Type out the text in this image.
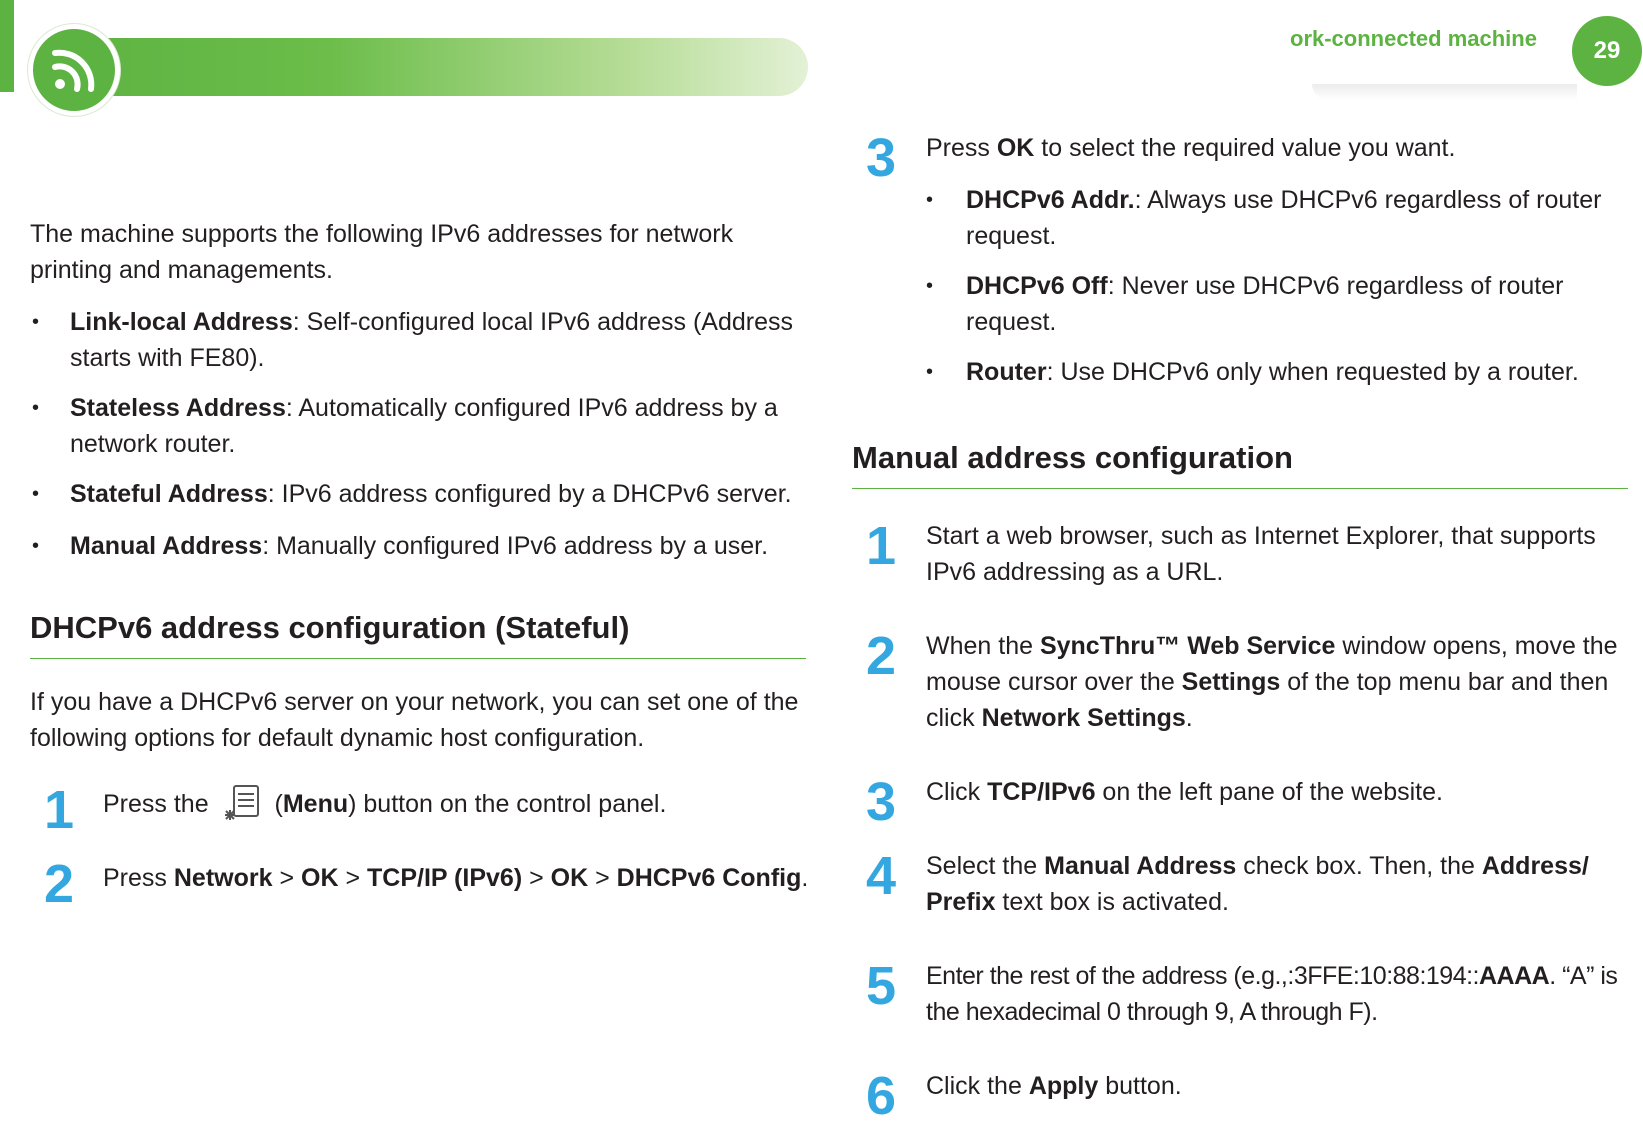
ork-connected machine	29
The machine supports the following IPv6 addresses for network printing and managements.
• Link-local Address: Self-configured local IPv6 address (Address starts with FE80).
• Stateless Address: Automatically configured IPv6 address by a network router.
• Stateful Address: IPv6 address configured by a DHCPv6 server.
• Manual Address: Manually configured IPv6 address by a user.
DHCPv6 address configuration (Stateful)
If you have a DHCPv6 server on your network, you can set one of the following options for default dynamic host configuration.
1 Press the  (Menu) button on the control panel.
2 Press Network > OK > TCP/IP (IPv6) > OK > DHCPv6 Config.
3 Press OK to select the required value you want.
• DHCPv6 Addr.: Always use DHCPv6 regardless of router request.
• DHCPv6 Off: Never use DHCPv6 regardless of router request.
• Router: Use DHCPv6 only when requested by a router.
Manual address configuration
1 Start a web browser, such as Internet Explorer, that supports IPv6 addressing as a URL.
2 When the SyncThru™ Web Service window opens, move the mouse cursor over the Settings of the top menu bar and then click Network Settings.
3 Click TCP/IPv6 on the left pane of the website.
4 Select the Manual Address check box. Then, the Address/ Prefix text box is activated.
5 Enter the rest of the address (e.g.,:3FFE:10:88:194::AAAA. “A” is the hexadecimal 0 through 9, A through F).
6 Click the Apply button.
